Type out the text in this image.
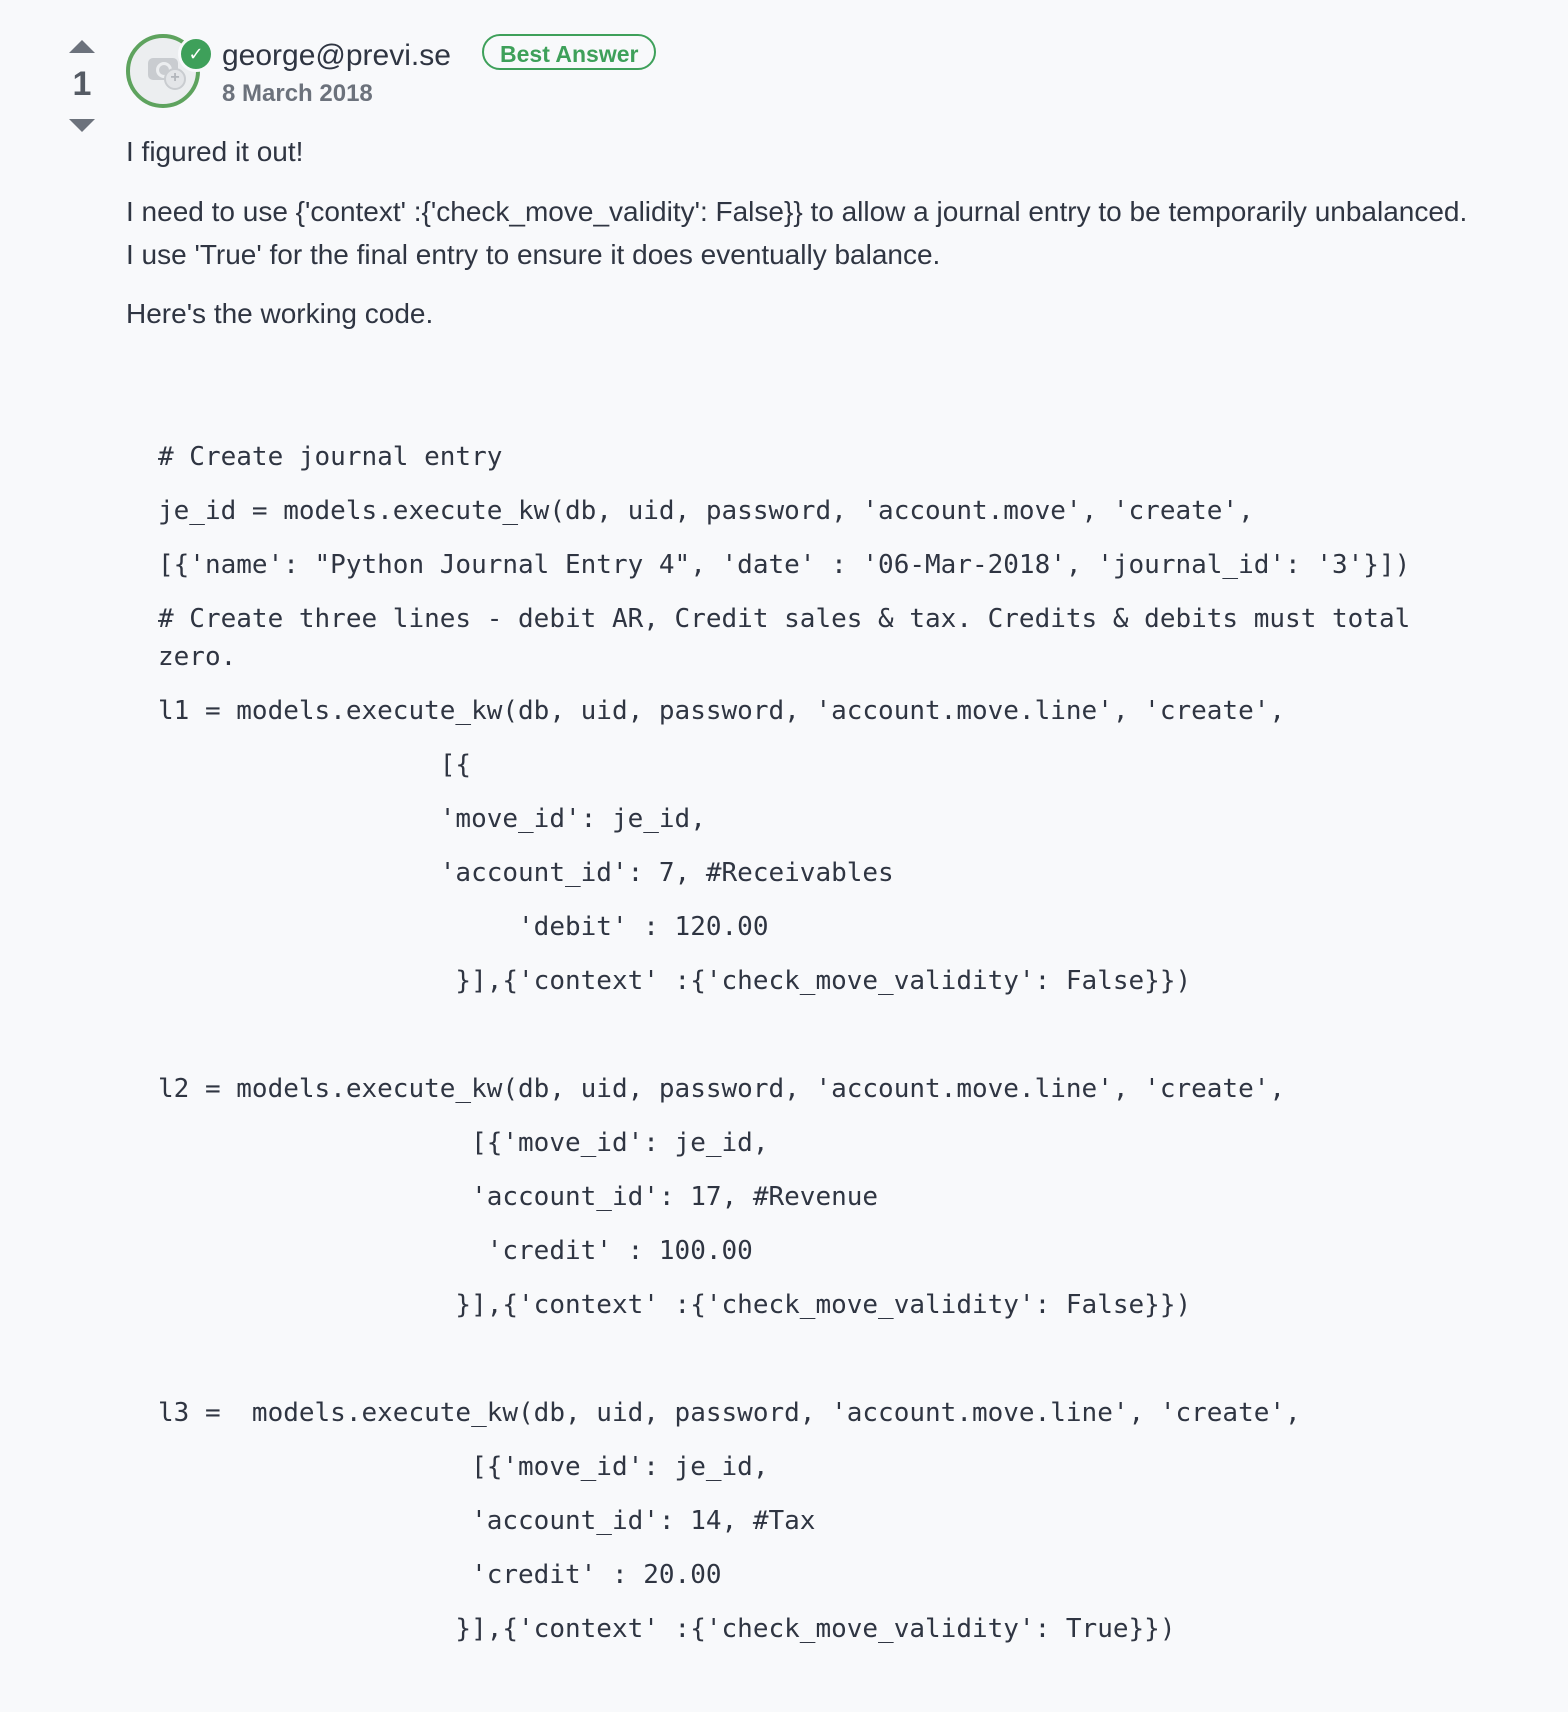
1	+
✓ george@previ.se	Best Answer
8 March 2018
I figured it out!
I need to use {'context' :{'check_move_validity': False}} to allow a journal entry to be temporarily unbalanced. I use 'True' for the final entry to ensure it does eventually balance.
Here's the working code.
# Create journal entry
je_id = models.execute_kw(db, uid, password, 'account.move', 'create',
[{'name': "Python Journal Entry 4", 'date' : '06-Mar-2018', 'journal_id': '3'}])
# Create three lines - debit AR, Credit sales & tax. Credits & debits must total zero.
l1 = models.execute_kw(db, uid, password, 'account.move.line', 'create',
[{
'move_id': je_id,
'account_id': 7, #Receivables
'debit' : 120.00
}],{'context' :{'check_move_validity': False}})
l2 = models.execute_kw(db, uid, password, 'account.move.line', 'create',
[{'move_id': je_id,
'account_id': 17, #Revenue
'credit' : 100.00
}],{'context' :{'check_move_validity': False}})
l3 =  models.execute_kw(db, uid, password, 'account.move.line', 'create',
[{'move_id': je_id,
'account_id': 14, #Tax
'credit' : 20.00
}],{'context' :{'check_move_validity': True}})
